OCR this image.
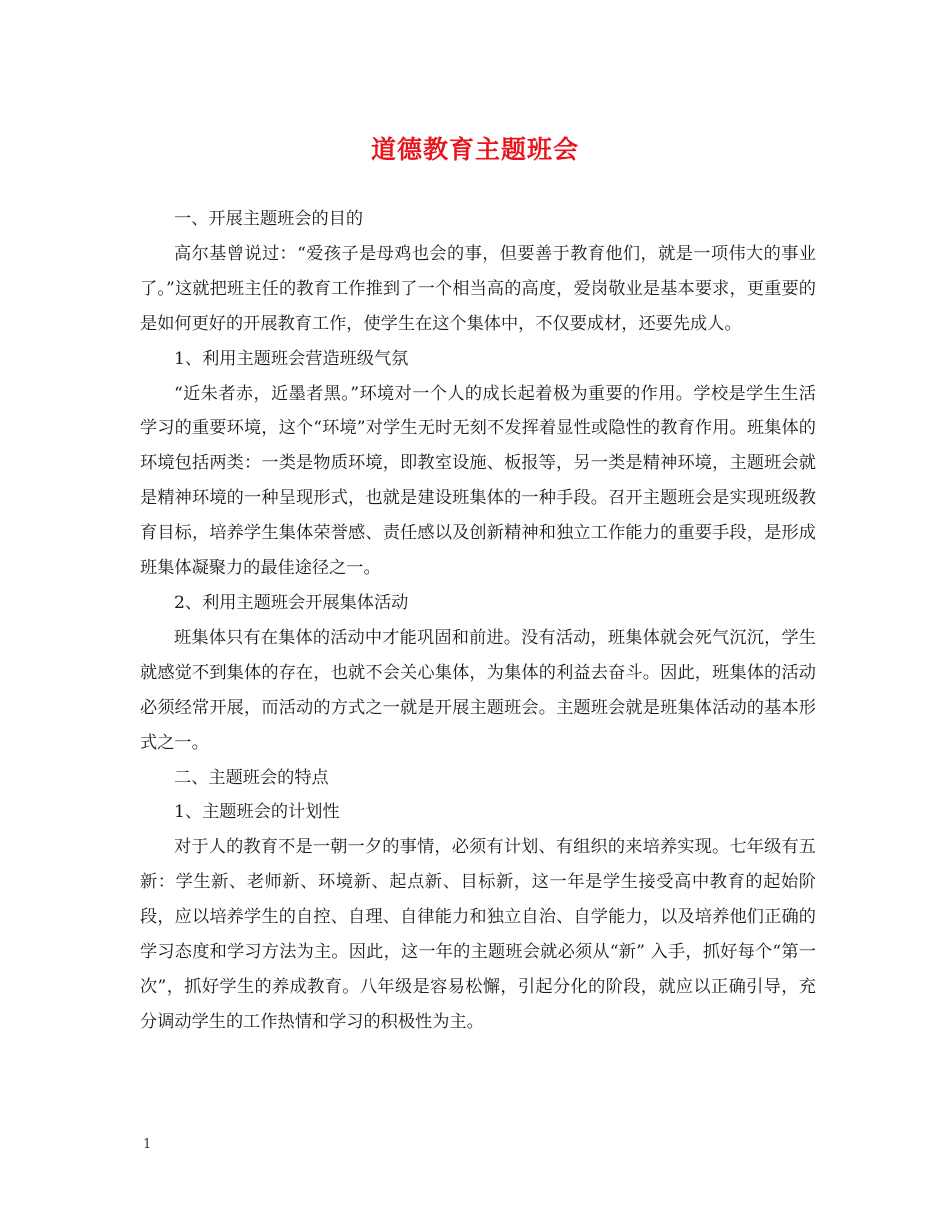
道德教育主题班会

一、开展主题班会的目的

高尔基曾说过：“爱孩子是母鸡也会的事，但要善于教育他们，就是一项伟大的事业了。”这就把班主任的教育工作推到了一个相当高的高度，爱岗敬业是基本要求，更重要的是如何更好的开展教育工作，使学生在这个集体中，不仅要成材，还要先成人。

1、利用主题班会营造班级气氛

“近朱者赤，近墨者黑。”环境对一个人的成长起着极为重要的作用。学校是学生生活学习的重要环境，这个“环境”对学生无时无刻不发挥着显性或隐性的教育作用。班集体的环境包括两类：一类是物质环境，即教室设施、板报等，另一类是精神环境，主题班会就是精神环境的一种呈现形式，也就是建设班集体的一种手段。召开主题班会是实现班级教育目标，培养学生集体荣誉感、责任感以及创新精神和独立工作能力的重要手段，是形成班集体凝聚力的最佳途径之一。

2、利用主题班会开展集体活动

班集体只有在集体的活动中才能巩固和前进。没有活动，班集体就会死气沉沉，学生就感觉不到集体的存在，也就不会关心集体，为集体的利益去奋斗。因此，班集体的活动必须经常开展，而活动的方式之一就是开展主题班会。主题班会就是班集体活动的基本形式之一。

二、主题班会的特点

1、主题班会的计划性

对于人的教育不是一朝一夕的事情，必须有计划、有组织的来培养实现。七年级有五新：学生新、老师新、环境新、起点新、目标新，这一年是学生接受高中教育的起始阶段，应以培养学生的自控、自理、自律能力和独立自治、自学能力，以及培养他们正确的学习态度和学习方法为主。因此，这一年的主题班会就必须从“新” 入手，抓好每个“第一次”，抓好学生的养成教育。八年级是容易松懈，引起分化的阶段，就应以正确引导，充分调动学生的工作热情和学习的积极性为主。

1
